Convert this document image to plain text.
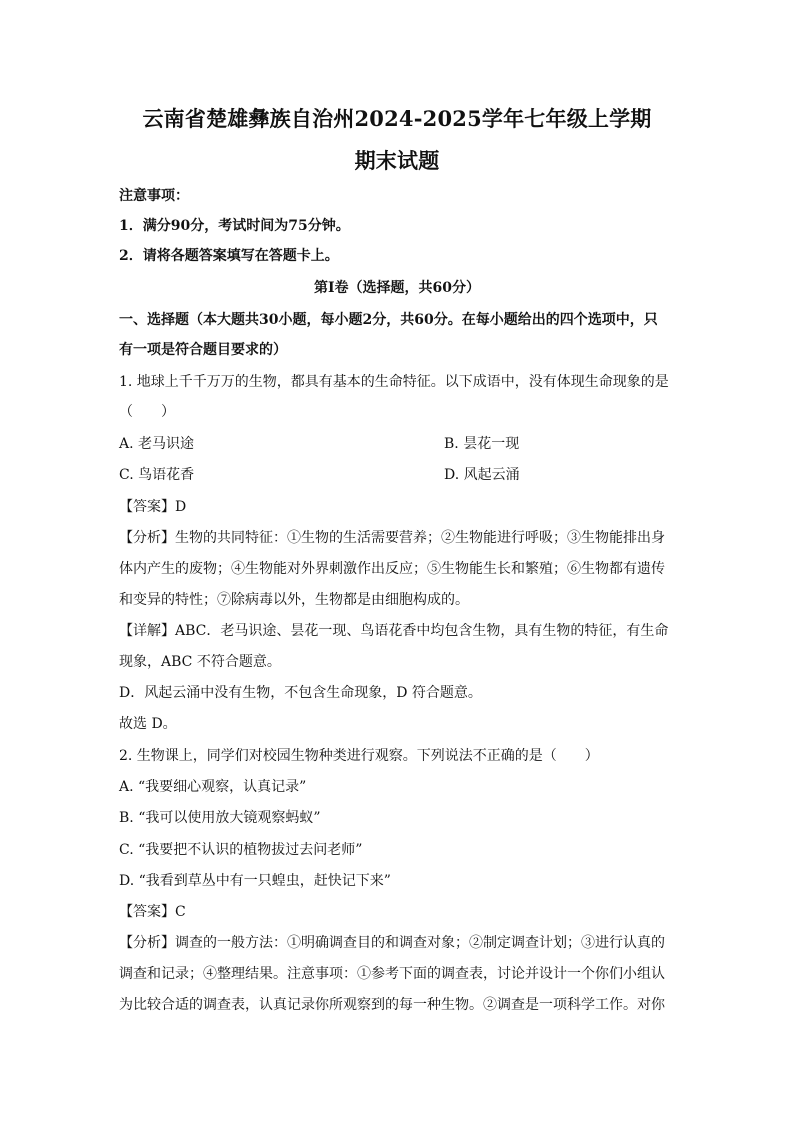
云南省楚雄彝族自治州2024-2025学年七年级上学期
期末试题
注意事项：
1．满分90分，考试时间为75分钟。
2．请将各题答案填写在答题卡上。
第Ⅰ卷（选择题，共60分）
一、选择题（本大题共30小题，每小题2分，共60分。在每小题给出的四个选项中，只
有一项是符合题目要求的）
1. 地球上千千万万的生物，都具有基本的生命特征。以下成语中，没有体现生命现象的是
（　　）
A. 老马识途	B. 昙花一现
C. 鸟语花香	D. 风起云涌
【答案】D
【分析】生物的共同特征：①生物的生活需要营养；②生物能进行呼吸；③生物能排出身
体内产生的废物；④生物能对外界刺激作出反应；⑤生物能生长和繁殖；⑥生物都有遗传
和变异的特性；⑦除病毒以外，生物都是由细胞构成的。
【详解】ABC．老马识途、昙花一现、鸟语花香中均包含生物，具有生物的特征，有生命
现象，ABC 不符合题意。
D．风起云涌中没有生物，不包含生命现象，D 符合题意。
故选 D。
2. 生物课上，同学们对校园生物种类进行观察。下列说法不正确的是（　　）
A. “我要细心观察，认真记录”
B. “我可以使用放大镜观察蚂蚁”
C. “我要把不认识的植物拔过去问老师”
D. “我看到草丛中有一只蝗虫，赶快记下来”
【答案】C
【分析】调查的一般方法：①明确调查目的和调查对象；②制定调查计划；③进行认真的
调查和记录；④整理结果。注意事项：①参考下面的调查表，讨论并设计一个你们小组认
为比较合适的调查表，认真记录你所观察到的每一种生物。②调查是一项科学工作。对你
